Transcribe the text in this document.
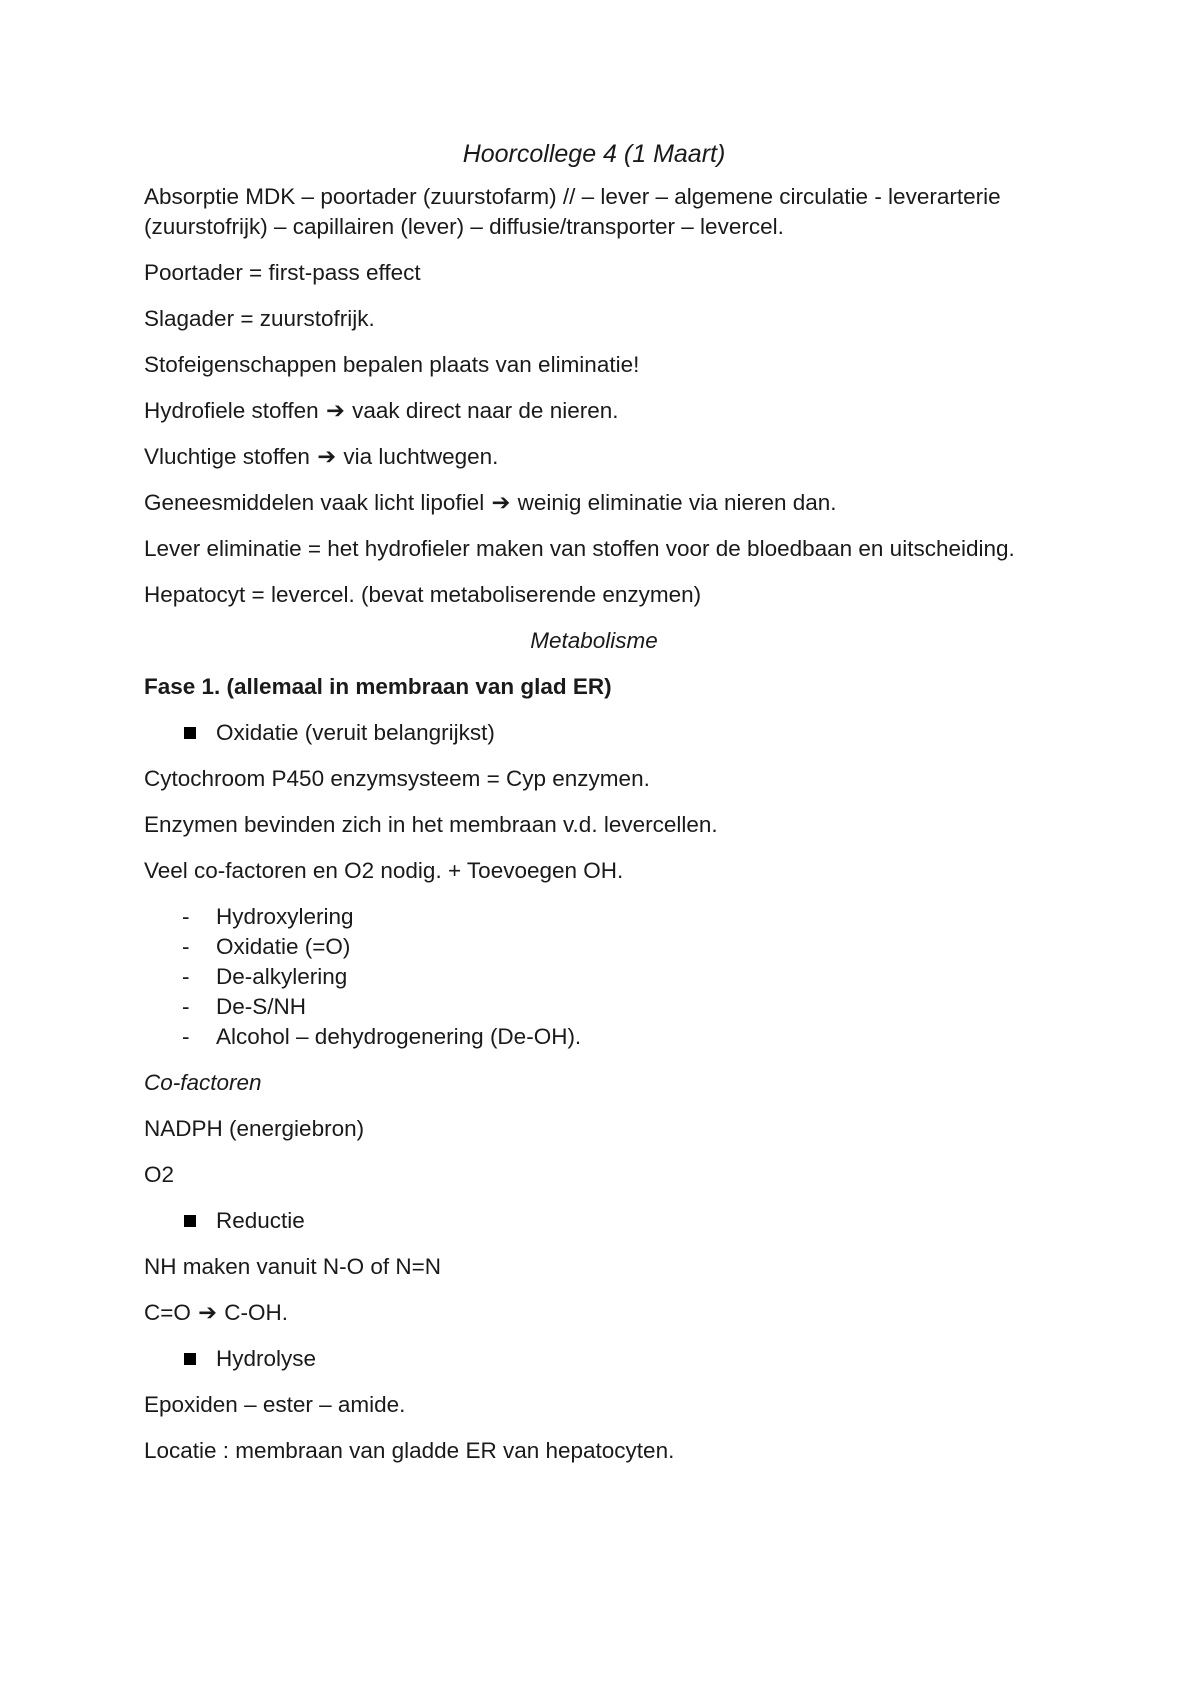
Hoorcollege 4 (1 Maart)
Absorptie MDK – poortader (zuurstofarm) // – lever – algemene circulatie - leverarterie (zuurstofrijk) – capillairen (lever) – diffusie/transporter – levercel.
Poortader = first-pass effect
Slagader = zuurstofrijk.
Stofeigenschappen bepalen plaats van eliminatie!
Hydrofiele stoffen ➔ vaak direct naar de nieren.
Vluchtige stoffen ➔ via luchtwegen.
Geneesmiddelen vaak licht lipofiel ➔ weinig eliminatie via nieren dan.
Lever eliminatie = het hydrofieler maken van stoffen voor de bloedbaan en uitscheiding.
Hepatocyt = levercel. (bevat metaboliserende enzymen)
Metabolisme
Fase 1. (allemaal in membraan van glad ER)
Oxidatie (veruit belangrijkst)
Cytochroom P450 enzymsysteem = Cyp enzymen.
Enzymen bevinden zich in het membraan v.d. levercellen.
Veel co-factoren en O2 nodig. + Toevoegen OH.
- Hydroxylering
- Oxidatie (=O)
- De-alkylering
- De-S/NH
- Alcohol – dehydrogenering (De-OH).
Co-factoren
NADPH (energiebron)
O2
Reductie
NH maken vanuit N-O of N=N
C=O ➔ C-OH.
Hydrolyse
Epoxiden – ester – amide.
Locatie : membraan van gladde ER van hepatocyten.
